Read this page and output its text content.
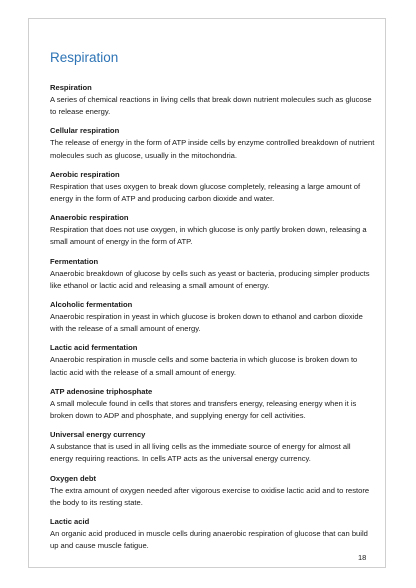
Respiration

Respiration

A series of chemical reactions in living cells that break down nutrient molecules such as glucose to release energy.

Cellular respiration

The release of energy in the form of ATP inside cells by enzyme controlled breakdown of nutrient molecules such as glucose, usually in the mitochondria.

Aerobic respiration

Respiration that uses oxygen to break down glucose completely, releasing a large amount of energy in the form of ATP and producing carbon dioxide and water.

Anaerobic respiration

Respiration that does not use oxygen, in which glucose is only partly broken down, releasing a small amount of energy in the form of ATP.

Fermentation

Anaerobic breakdown of glucose by cells such as yeast or bacteria, producing simpler products like ethanol or lactic acid and releasing a small amount of energy.

Alcoholic fermentation

Anaerobic respiration in yeast in which glucose is broken down to ethanol and carbon dioxide with the release of a small amount of energy.

Lactic acid fermentation

Anaerobic respiration in muscle cells and some bacteria in which glucose is broken down to lactic acid with the release of a small amount of energy.

ATP adenosine triphosphate

A small molecule found in cells that stores and transfers energy, releasing energy when it is broken down to ADP and phosphate, and supplying energy for cell activities.

Universal energy currency

A substance that is used in all living cells as the immediate source of energy for almost all energy requiring reactions. In cells ATP acts as the universal energy currency.

Oxygen debt

The extra amount of oxygen needed after vigorous exercise to oxidise lactic acid and to restore the body to its resting state.

Lactic acid

An organic acid produced in muscle cells during anaerobic respiration of glucose that can build up and cause muscle fatigue.

18
